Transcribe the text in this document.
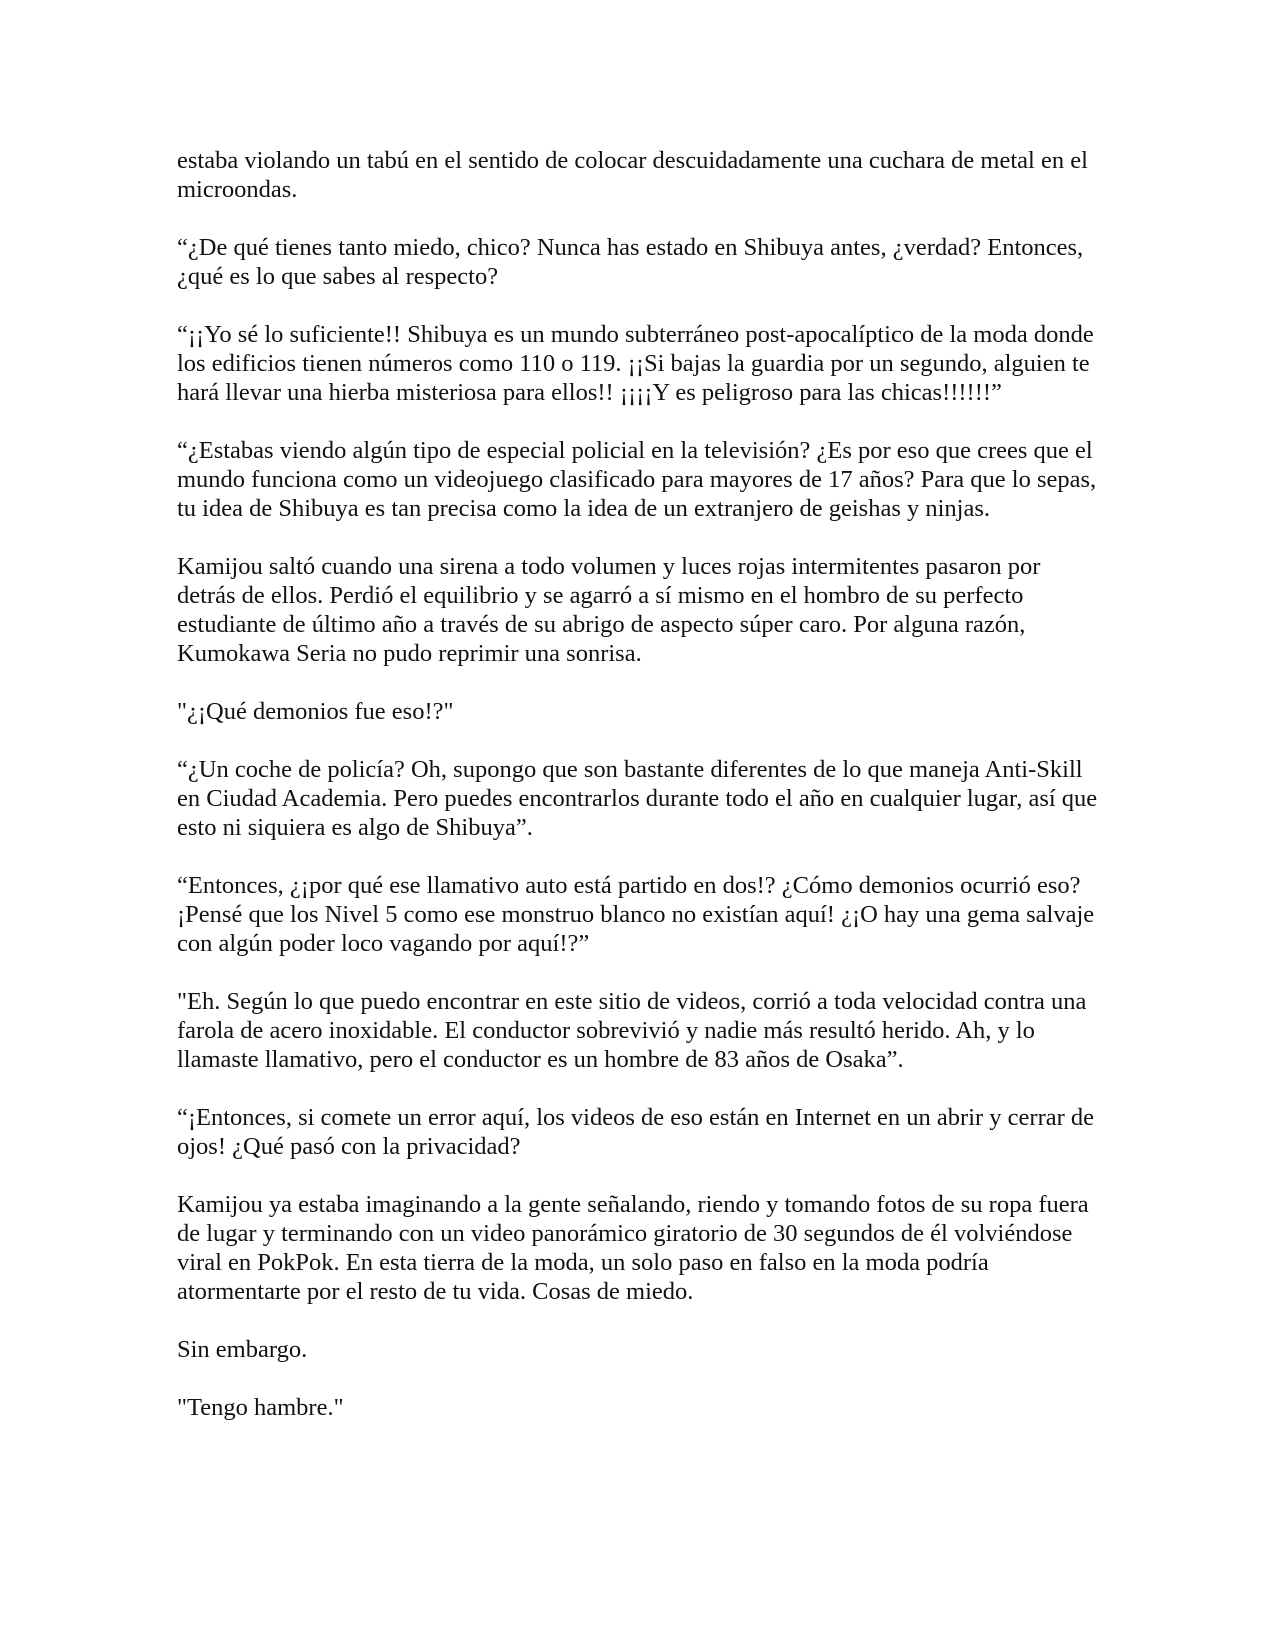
estaba violando un tabú en el sentido de colocar descuidadamente una cuchara de metal en el microondas.

“¿De qué tienes tanto miedo, chico? Nunca has estado en Shibuya antes, ¿verdad? Entonces, ¿qué es lo que sabes al respecto?

“¡¡Yo sé lo suficiente!! Shibuya es un mundo subterráneo post-apocalíptico de la moda donde los edificios tienen números como 110 o 119. ¡¡Si bajas la guardia por un segundo, alguien te hará llevar una hierba misteriosa para ellos!! ¡¡¡¡Y es peligroso para las chicas!!!!!!”

“¿Estabas viendo algún tipo de especial policial en la televisión? ¿Es por eso que crees que el mundo funciona como un videojuego clasificado para mayores de 17 años? Para que lo sepas, tu idea de Shibuya es tan precisa como la idea de un extranjero de geishas y ninjas.

Kamijou saltó cuando una sirena a todo volumen y luces rojas intermitentes pasaron por detrás de ellos. Perdió el equilibrio y se agarró a sí mismo en el hombro de su perfecto estudiante de último año a través de su abrigo de aspecto súper caro. Por alguna razón, Kumokawa Seria no pudo reprimir una sonrisa.

"¿¡Qué demonios fue eso!?"

“¿Un coche de policía? Oh, supongo que son bastante diferentes de lo que maneja Anti-Skill en Ciudad Academia. Pero puedes encontrarlos durante todo el año en cualquier lugar, así que esto ni siquiera es algo de Shibuya”.

“Entonces, ¿¡por qué ese llamativo auto está partido en dos!? ¿Cómo demonios ocurrió eso? ¡Pensé que los Nivel 5 como ese monstruo blanco no existían aquí! ¿¡O hay una gema salvaje con algún poder loco vagando por aquí!?”

"Eh. Según lo que puedo encontrar en este sitio de videos, corrió a toda velocidad contra una farola de acero inoxidable. El conductor sobrevivió y nadie más resultó herido. Ah, y lo llamaste llamativo, pero el conductor es un hombre de 83 años de Osaka”.

“¡Entonces, si comete un error aquí, los videos de eso están en Internet en un abrir y cerrar de ojos! ¿Qué pasó con la privacidad?

Kamijou ya estaba imaginando a la gente señalando, riendo y tomando fotos de su ropa fuera de lugar y terminando con un video panorámico giratorio de 30 segundos de él volviéndose viral en PokPok. En esta tierra de la moda, un solo paso en falso en la moda podría atormentarte por el resto de tu vida. Cosas de miedo.

Sin embargo.

"Tengo hambre."
